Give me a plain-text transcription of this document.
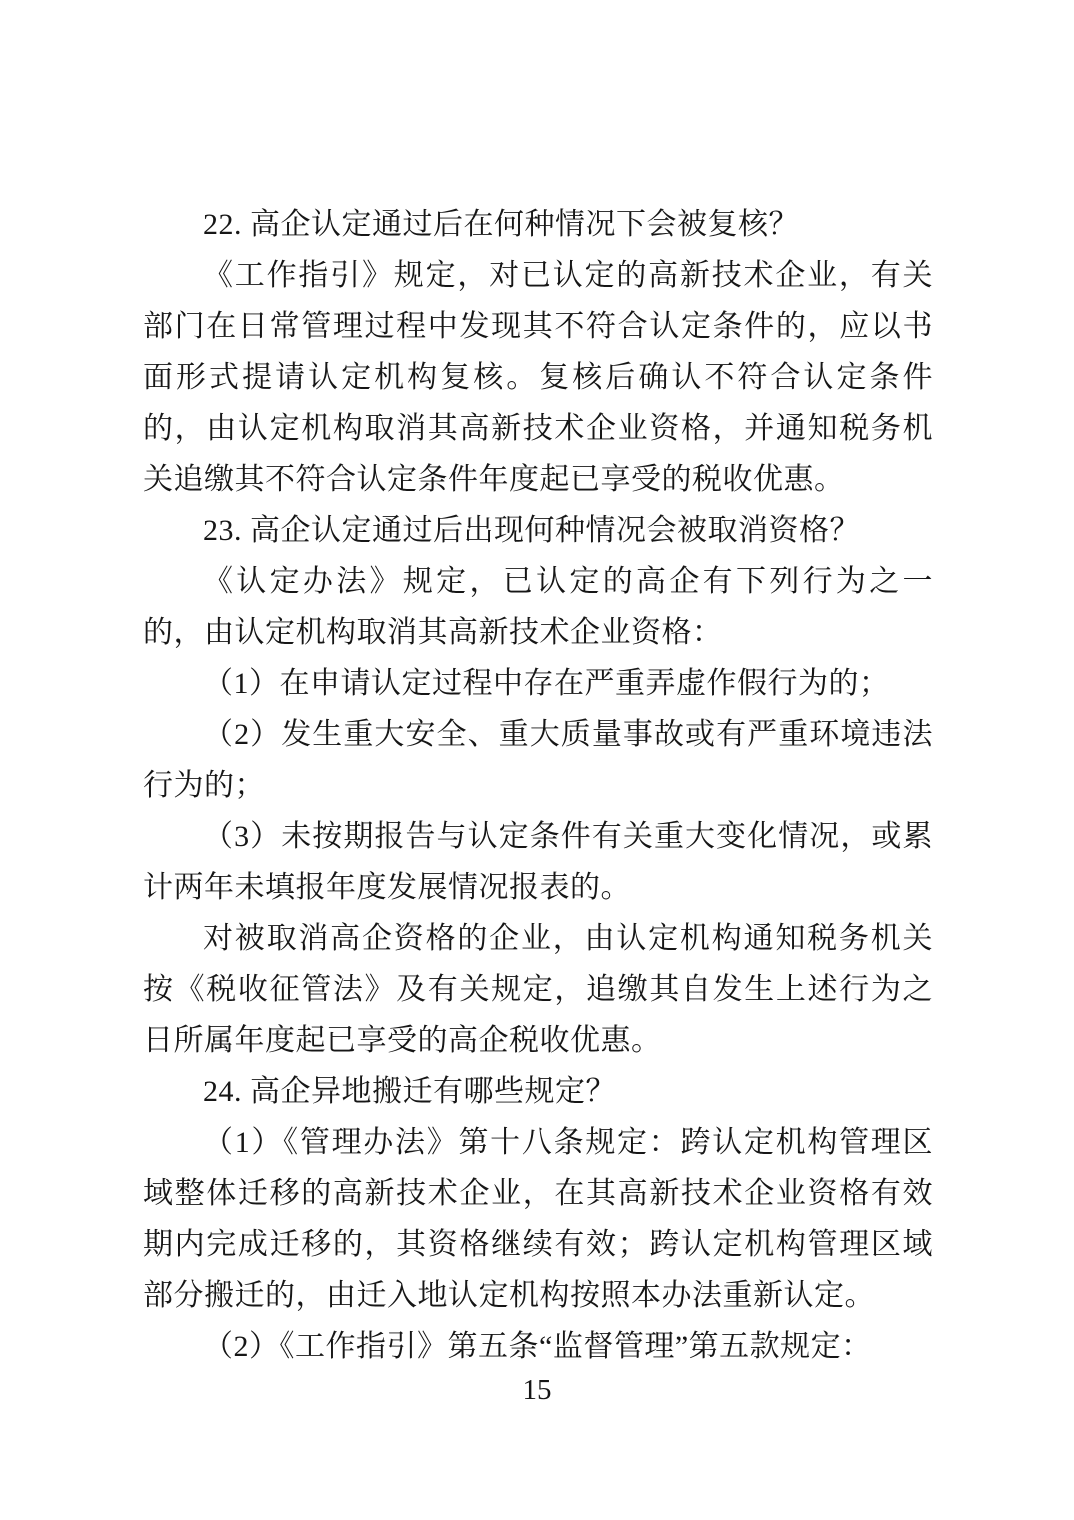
22. 高企认定通过后在何种情况下会被复核？

《工作指引》规定，对已认定的高新技术企业，有关部门在日常管理过程中发现其不符合认定条件的，应以书面形式提请认定机构复核。复核后确认不符合认定条件的，由认定机构取消其高新技术企业资格，并通知税务机关追缴其不符合认定条件年度起已享受的税收优惠。

23. 高企认定通过后出现何种情况会被取消资格？

《认定办法》规定，已认定的高企有下列行为之一的，由认定机构取消其高新技术企业资格：

（1）在申请认定过程中存在严重弄虚作假行为的；

（2）发生重大安全、重大质量事故或有严重环境违法行为的；

（3）未按期报告与认定条件有关重大变化情况，或累计两年未填报年度发展情况报表的。

对被取消高企资格的企业，由认定机构通知税务机关按《税收征管法》及有关规定，追缴其自发生上述行为之日所属年度起已享受的高企税收优惠。

24. 高企异地搬迁有哪些规定？

（1）《管理办法》第十八条规定：跨认定机构管理区域整体迁移的高新技术企业，在其高新技术企业资格有效期内完成迁移的，其资格继续有效；跨认定机构管理区域部分搬迁的，由迁入地认定机构按照本办法重新认定。

（2）《工作指引》第五条“监督管理”第五款规定：

15
